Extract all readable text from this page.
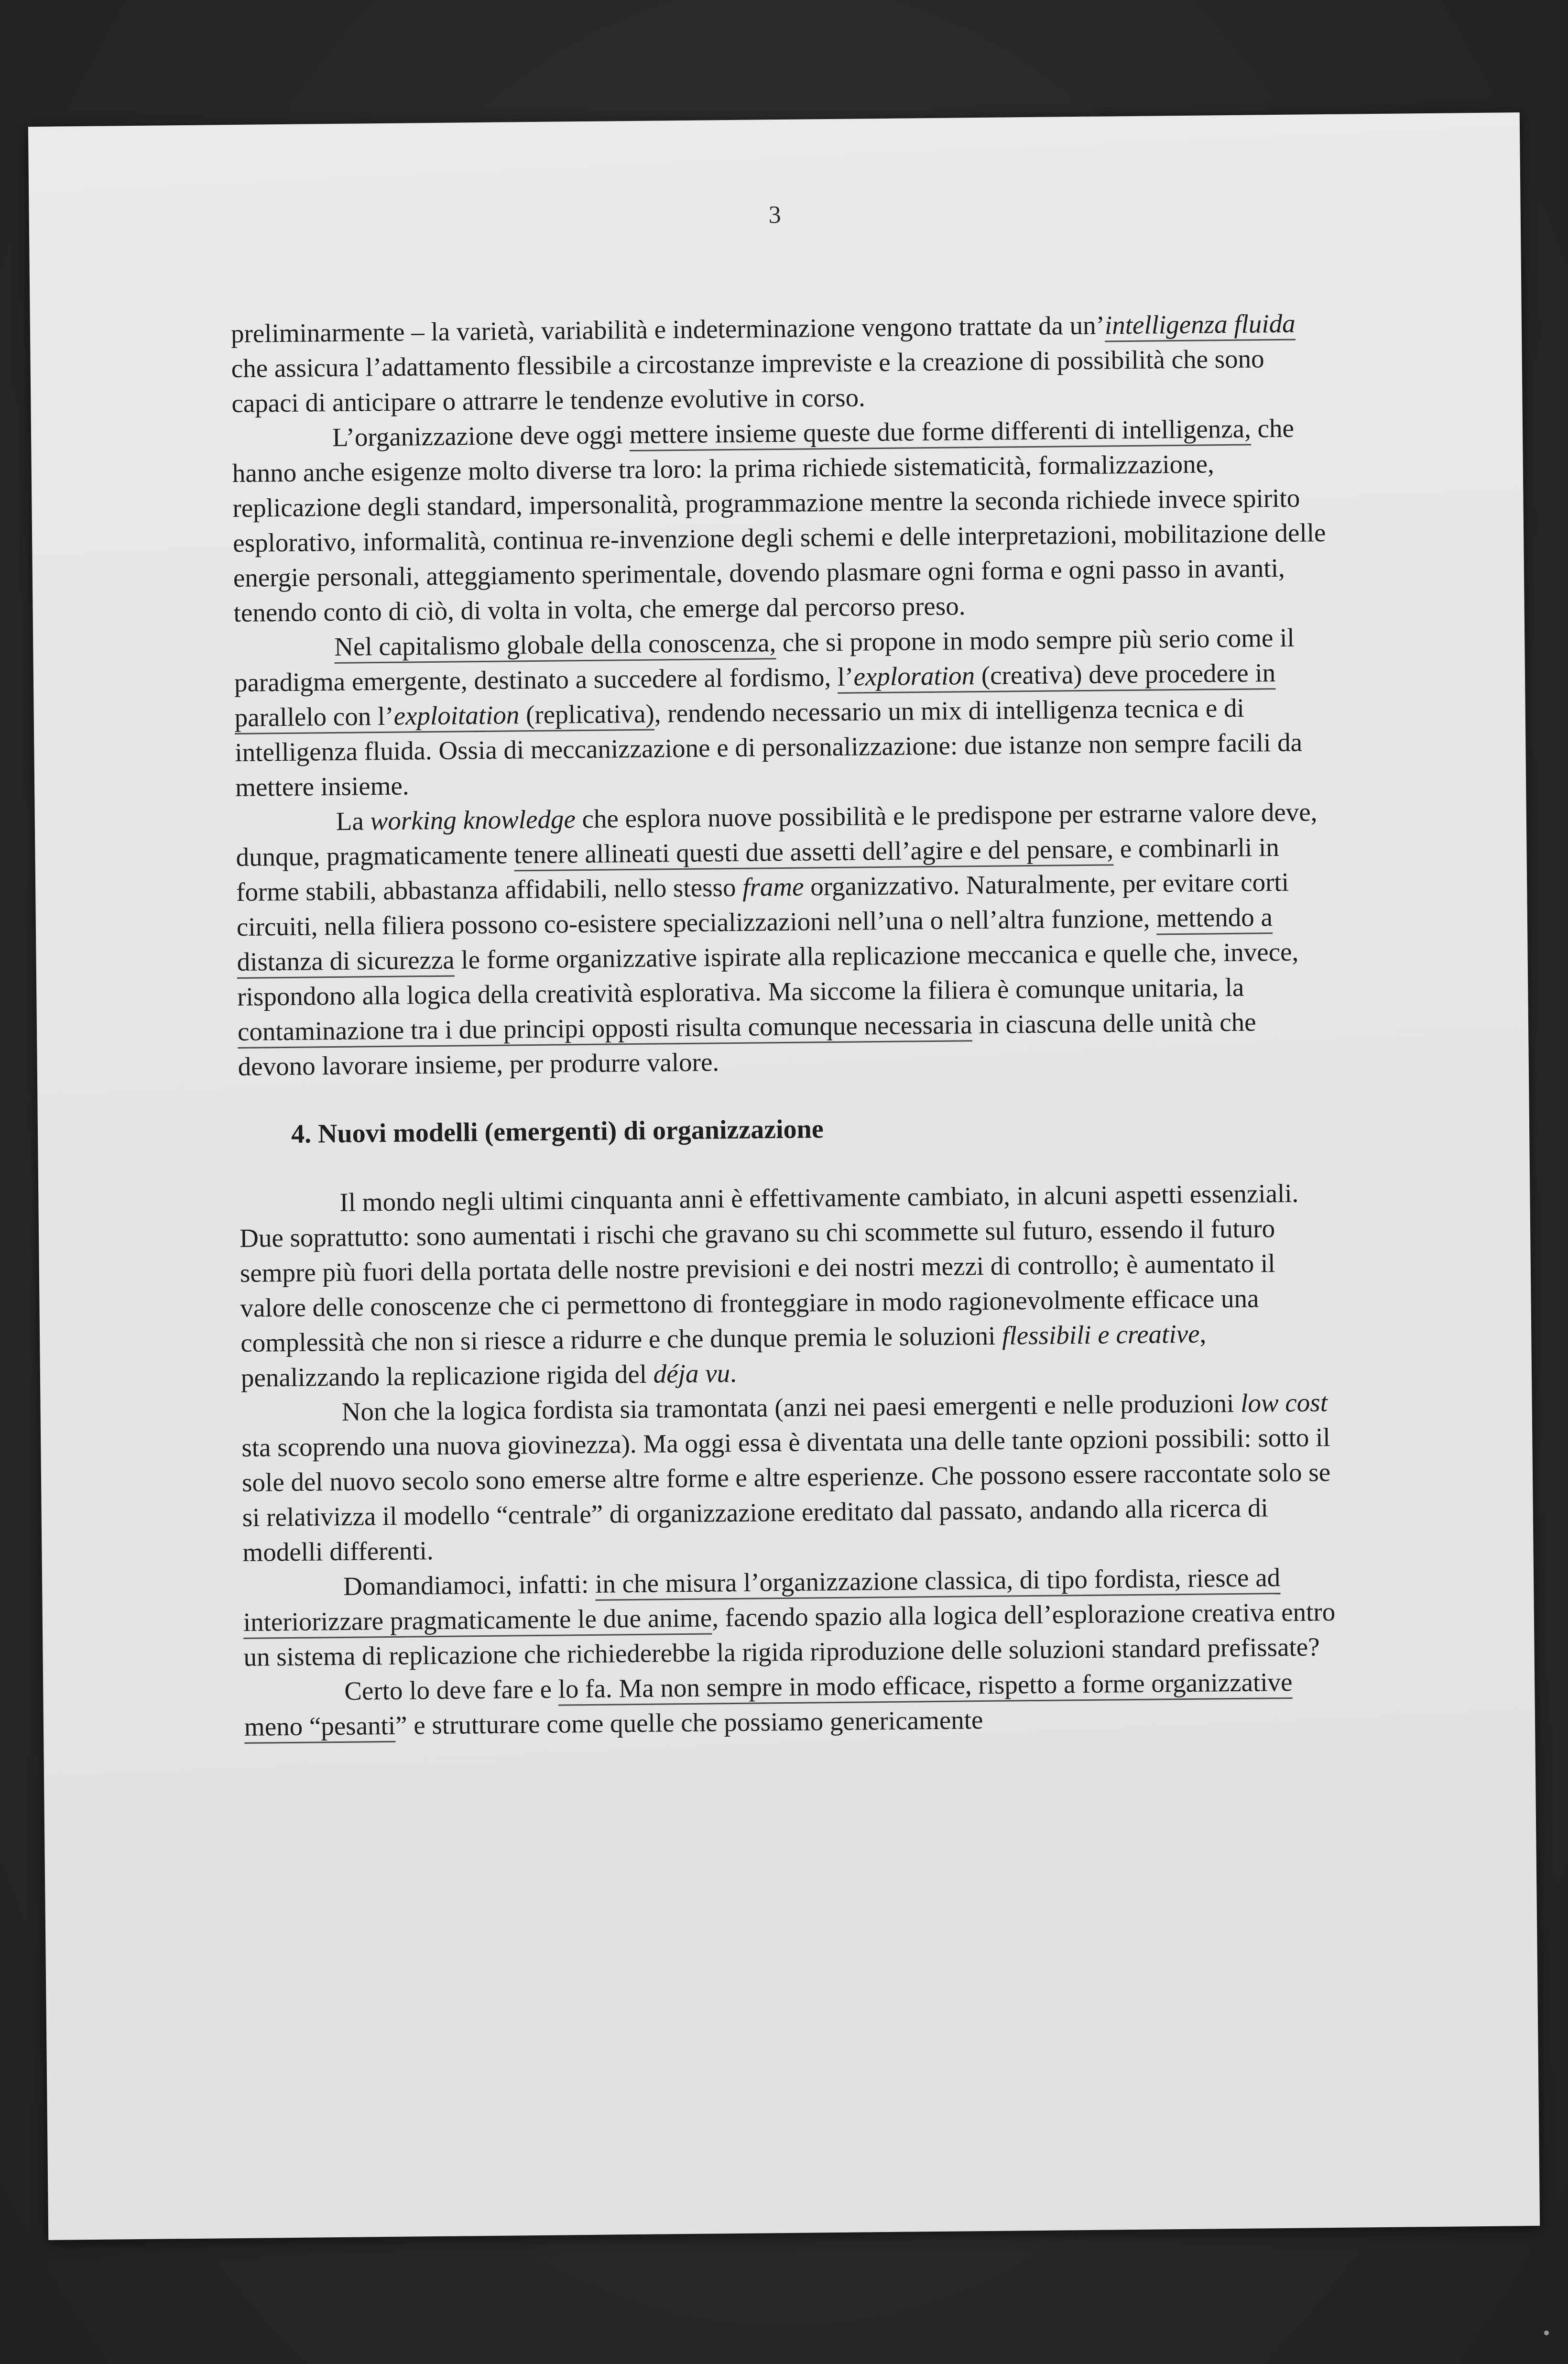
3

preliminarmente – la varietà, variabilità e indeterminazione vengono trattate da un’intelligenza fluida che assicura l’adattamento flessibile a circostanze impreviste e la creazione di possibilità che sono capaci di anticipare o attrarre le tendenze evolutive in corso.

L’organizzazione deve oggi mettere insieme queste due forme differenti di intelligenza, che hanno anche esigenze molto diverse tra loro: la prima richiede sistematicità, formalizzazione, replicazione degli standard, impersonalità, programmazione mentre la seconda richiede invece spirito esplorativo, informalità, continua re-invenzione degli schemi e delle interpretazioni, mobilitazione delle energie personali, atteggiamento sperimentale, dovendo plasmare ogni forma e ogni passo in avanti, tenendo conto di ciò, di volta in volta, che emerge dal percorso preso.

Nel capitalismo globale della conoscenza, che si propone in modo sempre più serio come il paradigma emergente, destinato a succedere al fordismo, l’exploration (creativa) deve procedere in parallelo con l’exploitation (replicativa), rendendo necessario un mix di intelligenza tecnica e di intelligenza fluida. Ossia di meccanizzazione e di personalizzazione: due istanze non sempre facili da mettere insieme.

La working knowledge che esplora nuove possibilità e le predispone per estrarne valore deve, dunque, pragmaticamente tenere allineati questi due assetti dell’agire e del pensare, e combinarli in forme stabili, abbastanza affidabili, nello stesso frame organizzativo. Naturalmente, per evitare corti circuiti, nella filiera possono co-esistere specializzazioni nell’una o nell’altra funzione, mettendo a distanza di sicurezza le forme organizzative ispirate alla replicazione meccanica e quelle che, invece, rispondono alla logica della creatività esplorativa. Ma siccome la filiera è comunque unitaria, la contaminazione tra i due principi opposti risulta comunque necessaria in ciascuna delle unità che devono lavorare insieme, per produrre valore.

4. Nuovi modelli (emergenti) di organizzazione

Il mondo negli ultimi cinquanta anni è effettivamente cambiato, in alcuni aspetti essenziali. Due soprattutto: sono aumentati i rischi che gravano su chi scommette sul futuro, essendo il futuro sempre più fuori della portata delle nostre previsioni e dei nostri mezzi di controllo; è aumentato il valore delle conoscenze che ci permettono di fronteggiare in modo ragionevolmente efficace una complessità che non si riesce a ridurre e che dunque premia le soluzioni flessibili e creative, penalizzando la replicazione rigida del déja vu.

Non che la logica fordista sia tramontata (anzi nei paesi emergenti e nelle produzioni low cost sta scoprendo una nuova giovinezza). Ma oggi essa è diventata una delle tante opzioni possibili: sotto il sole del nuovo secolo sono emerse altre forme e altre esperienze. Che possono essere raccontate solo se si relativizza il modello “centrale” di organizzazione ereditato dal passato, andando alla ricerca di modelli differenti.

Domandiamoci, infatti: in che misura l’organizzazione classica, di tipo fordista, riesce ad interiorizzare pragmaticamente le due anime, facendo spazio alla logica dell’esplorazione creativa entro un sistema di replicazione che richiederebbe la rigida riproduzione delle soluzioni standard prefissate?

Certo lo deve fare e lo fa. Ma non sempre in modo efficace, rispetto a forme organizzative meno “pesanti” e strutturare come quelle che possiamo genericamente
